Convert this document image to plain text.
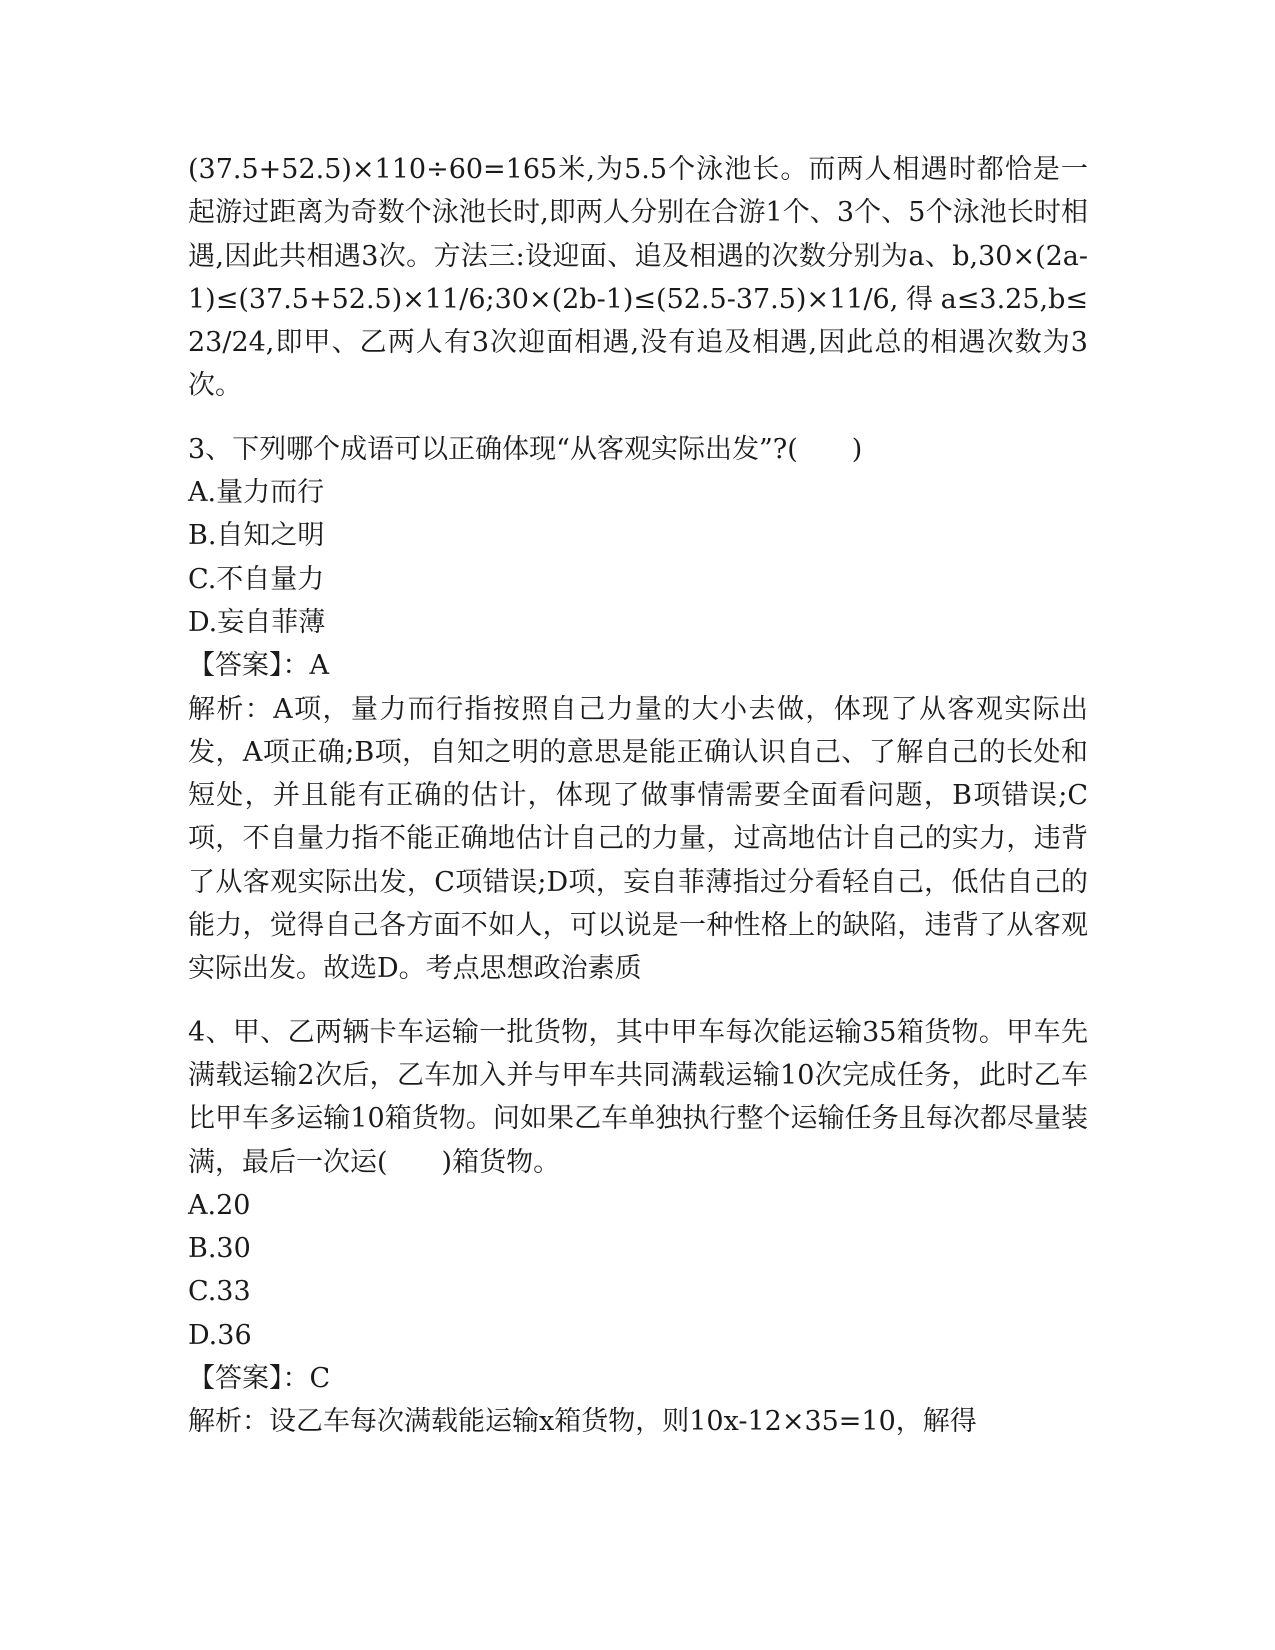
(37.5+52.5)×110÷60=165米,为5.5个泳池长。而两人相遇时都恰是一起游过距离为奇数个泳池长时,即两人分别在合游1个、3个、5个泳池长时相遇,因此共相遇3次。方法三:设迎面、追及相遇的次数分别为a、b,30×(2a-1)≤(37.5+52.5)×11/6;30×(2b-1)≤(52.5-37.5)×11/6,得a≤3.25,b≤23/24,即甲、乙两人有3次迎面相遇,没有追及相遇,因此总的相遇次数为3次。

3、下列哪个成语可以正确体现“从客观实际出发”?(　　)

A.量力而行

B.自知之明

C.不自量力

D.妄自菲薄

【答案】：A

解析：A项，量力而行指按照自己力量的大小去做，体现了从客观实际出发，A项正确;B项，自知之明的意思是能正确认识自己、了解自己的长处和短处，并且能有正确的估计，体现了做事情需要全面看问题，B项错误;C项，不自量力指不能正确地估计自己的力量，过高地估计自己的实力，违背了从客观实际出发，C项错误;D项，妄自菲薄指过分看轻自己，低估自己的能力，觉得自己各方面不如人，可以说是一种性格上的缺陷，违背了从客观实际出发。故选D。考点思想政治素质

4、甲、乙两辆卡车运输一批货物，其中甲车每次能运输35箱货物。甲车先满载运输2次后，乙车加入并与甲车共同满载运输10次完成任务，此时乙车比甲车多运输10箱货物。问如果乙车单独执行整个运输任务且每次都尽量装满，最后一次运(　　)箱货物。

A.20

B.30

C.33

D.36

【答案】：C

解析：设乙车每次满载能运输x箱货物，则10x-12×35=10，解得
